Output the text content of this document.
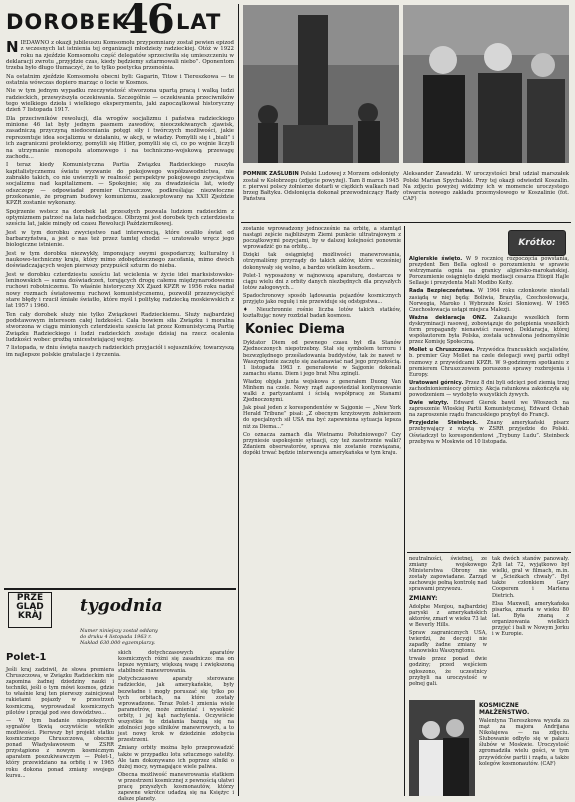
DOROBEK
46 LAT

NIEDAWNO z okazji jubileuszu Komsomołu przypomniany został pewien epizod z wczesnych lat istnienia tej organizacji młodzieży radzieckiej. Otóż w 1922 roku na zjeździe Komsomołu część delegatów sprzeciwiła się umieszczeniu w deklaracji zwrotu „przyjdzie czas, kiedy będziemy sztarmowali niebo”. Oponentom trzeba było długo tłumaczyć, że to tylko poetycka przenośnia.

Na ostatnim zjeździe Komsomołu obecni byli: Gagarin, Titow i Tiereszkowa — te ostatnia wówczas dopiero marząc o locie w Kosmos.

Nie w tym jednym wypadku rzeczywistość stworzona upartą pracą i walką ludzi radzieckich, przewyższyła oczekiwania. Szczególnie — oczekiwania przeciwników tego wielkiego dzieła i wielkiego eksperymentu, jaki zapoczątkował historyczny dzień 7 listopada 1917.

Dla przeciwników rewolucji, dla wrogów socjalizmu i państwa radzieckiego minione 46 lat były jednym pasmem zawodów, nieoczekiwanych zjawisk, zasadniczą przyczyną niedoceniania potęgi siły i twórczych możliwości, jakie reprezentuje idea socjalizmu w działaniu, w akcji, w władzy. Pomylili się i „biali” i ich zagraniczni protektorzy, pomylili się Hitler, pomylili się ci, co po wojnie liczyli na utrzymanie monopolu atomowego i na techniczno-wojskową przewagę zachodu...

I teraz kiedy Komunistyczna Partia Związku Radzieckiego ruszyła kapitalistycznemu światu wyzwanie do pokojowego współzawodnictwa, nie zabrakło takich, co nie uwierzyli w realność perspektyw pokojowego zwycięstwa socjalizmu nad kapitalizmem. — Spokojnie; się za dwadzieścia lat, wiedy odszczepy — odpowiadał premier Chruszczow, podkreślając niezwłoczne przekonanie, że program budowy komunizmu, zaakceptowany na XXII Zjeździe KPZR zostanie wykonany.

Spojrzenie wstecz na dorobek lat przeszłych pozwala ludziom radzieckim z optymizmem patrzeć na lata nadchodzące. Olbrzymi jest dorobek tych czterdziestu sześciu lat, jakie minęły od czasu Rewolucji Październikowej.

Jest w tym dorobku zwycięstwo nad interwencją, które ocaliło świat od barbarzyństwa, a jest o nas też przez tamtej chodzi — uratowało wręcz jego biologiczne istnienie.

Jest w tym dorobku niezwykły, imponujący swymi gospodarczy, kulturalny i naukowo-techniczny kraju, który mimo zdobędziecznego zacofania, mimo dwóch doświadczających wojen pierwszy przypuścił szturm do nieba.

Jest w dorobku czterdziestu sześciu lat wcielenia w życie idei marksistowsko-leninowskich — suma doświadczeń, torujących drogę całemu międzynarodowemu ruchowi robotniczemu. To właśnie historyczny XX Zjazd KPZR w 1956 roku nadał nowy rozmach światowemu ruchowi komunistycznemu, pozwolił przezwyciężyć stare błędy i rzucił śmiałe światło, które myśl i politykę radziecką moskiewskich z lat 1957 i 1960.

Ten cały dorobek służy nie tylko Związkowi Radzieckiemu. Służy najbardziej podstawowym interesom całej ludzkości. Cała bowiem siła Związku i moralna stworzona w ciągu minionych czterdziestu sześciu lat przez Komunistyczną Partię Związku Radzieckiego i ludzi radzieckich zostaje dzisiaj na rzecz ocalenia ludzkości wobec groźbą unicestwiającej wojny.

7 listopada, w dniu święta naszych radzieckich przyjaciół i sojuszników, towarzyszą im najlepsze polskie gratulacje i życzenia.

PRZE
GLĄD
KRAJ	tygodnia
Numer niniejszy został oddany
do druku 4 listopada 1963 r.
Nakład 630.000 egzemplarzy.
Polet-1

Jeśli kraj zadziwił, że słowa premiera Chruszczowa, w Związku Radzieckim nie zapomina żadnej dziedziny nauki i techniki, jeśli o tym mówi kosmos, gdzie to właśnie kraj ten pierwszy zainicjował rakietami pojazdy w przestrzeń kosmiczną, wyprowadzał kosmicznych pilotów i przejął pod swe dowództwo...

— W tym badanie niespokojnych sygnałów tkwią oczywiście wielkie możliwości. Pierwszy był projekt statku kosmicznego Chruszczowa, obecnie ponad Władysławowem w ZSRR przystąpiono z nowym kosmicznym aparatem poszukiwawczym — Polet-1, który przewidziano na orbitę i w 1965 roku dokona ponad zmiany swojego kursu...

skich dotychczasowych aparatów kosmicznych różni się zasadniczo: ma on lepsze wymiary, większą wagę i zwiększoną stabilność manewrowania.

Dotychczasowe aparaty sterowane radzieckie, jak amerykańskie, były bezwładne i mogły poruszać się tylko po tych orbitach, na które zostały wprowadzone. Teraz Polet-1 zmienia wiele parametrów, może zmieniać i wysokość orbity, i jej kąt nachylenia. Oczywiście wszystkie te działania bazują się na zdolności jego silników manewrowych, a to jest nowy krok w dziedzinie zdobycia przestrzeni.

Zmiany orbity można było przeprowadzić także w przypadku lotu sztucznego satelity. Ale tam dokonywano ich poprzez silniki o dużej mocy, wymagające wiele paliwa.

Obecna możliwość manewrowania statkiem w przestrzeni kosmicznej z pewnością ułatwi pracę przyszłych kosmonautów, którzy zapewne wkrótce udadzą się na Księżyc i dalsze planety.

POMNIK ZAŚLUBIN Polski Ludowej z Morzem odsłonięty został w Kołobrzegu (zdjęcie powyżej). Tam 8 marca 1945 r. pierwsi polscy żołnierze dotarli w ciężkich walkach nad brzeg Bałtyku. Odsłonięcia dokonał przewodniczący Rady Państwa

Aleksander Zawadzki. W uroczystości brał udział marszałek Polski Marian Spychalski. Przy tej okazji odwiedził Koszalin. Na zdjęciu powyżej widzimy ich w momencie uroczystego otwarcia nowego zakładu przemysłowego w Koszalinie (fot. CAF)

zostanie wprowadzony jednocześnie na orbitę, a stamtąd nastąpi zejście najbliższym Ziemi punkcie ultratrajowym z początkowymi pozycjami, by w dalszej kolejności ponownie wprowadzić go na orbitę...

Dzięki tak osiągniętej możliwości manewrowania, otrzymaliśmy przyrządy do takich aktów, które wcześniej dokonywały się wolno, a bardzo wielkim kosztem...

Polet-1 wyposażony w najnowszą aparaturę, dostarcza w ciągu wielu dni z orbity danych niezbędnych dla przyszłych lotów załogowych...

Spadochronowy sposób lądowania pojazdów kosmicznych przyjęto jako regułę i nie przewiduje się odstępstwa...

♦ Nieuchronnie rośnie liczba lotów takich statków, kształtując nowy rozdział badań kosmosu.

Koniec Diema

Dyktator Diem od pewnego czasu był dla Stanów Zjednoczonych niepotrzebny. Stał się symbolem terroru i bezwzględnego prześladowania buddystów, tak że nawet w Waszyngtonie zaczęto się zastanawiać nad jego przyszłością. 1 listopada 1963 r. generałowie w Sajgonie dokonali zamachu stanu. Diem i jego brat Nhu zginęli.

Władzę objęła junta wojskowa z generałem Duong Van Minhem na czele. Nowy rząd zapowiedział kontynuowanie walki z partyzantami i ścisłą współpracę ze Stanami Zjednoczonymi.

Jak pisał jeden z korespondentów w Sajgonie — „New York Herald Tribune” pisał: „Z obecnym krzyżowym żołnierzem do specjalnych sił USA ma być zapewniona sytuacja lepsza niż za Diema...”

Co oznacza zamach dla Wietnamu Południowego? Czy przyniesie uspokojenie sytuacji, czy też zaostrzenie walki? Zdaniem obserwatorów, sprawa nie zostanie rozwiązana, dopóki trwać będzie interwencja amerykańska w tym kraju.

Krótko:

Algierskie święto. W 9 rocznicę rozpoczęcia powstania, prezydent Ben Bella ogłosił o porozumieniu w sprawie wstrzymania ognia na granicy algiersko-marokańskiej. Porozumienie osiągnięto dzięki mediacji cesarza Etiopii Hajle Sellasje i prezydenta Mali Modibo Keity.

Rada Bezpieczeństwa. W 1964 roku członkowie niestali zasiądą w niej będą: Boliwia, Brazylia, Czechosłowacja, Norwegia, Maroko i Wybrzeże Kości Słoniowej. W 1965 Czechosłowacja ustąpi miejsca Malezji.

Ważna deklaracja ONZ. Zakazuje wszelkich form dyskryminacji rasowej, zobowiązuje do potępienia wszelkich form propagandy nienawiści rasowej. Deklaracja, której współautorem była Polska, została uchwalona jednomyślnie przez Komisję Społeczną.

Mollet u Chruszczowa. Przywódca francuskich socjalistów, b. premier Guy Mollet na czele delegacji swej partii odbył rozmowy z przywódcami KPZR. W 9-godzinnym spotkaniu z premierem Chruszczowem poruszono sprawy rozbrojenia i Europy.

Uratowani górnicy. Przez 8 dni byli odcięci pod ziemią trzej zachodnioniemieccy górnicy. Akcja ratunkowa zakończyła się powodzeniem — wydobyto wszystkich żywych.

Dwie wizyty. Edward Gierek bawił we Włoszech na zaproszenie Włoskiej Partii Komunistycznej, Edward Ochab na zaproszenie rządu francuskiego przybył do Francji.

Przyjedzie Steinbeck. Znany amerykański pisarz przebywający z wizytą w ZSRR przyjedzie do Polski. Oświadczył to korespondentowi „Trybuny Ludu”. Steinbeck przebywa w Moskwie od 10 listopada.

neutralności, świetnej, ze zmiany wojskowego Ministerstwa Obrony nie zostały zapowiadane. Zarząd zachowuje pełną kontrolę nad sprawami przywozu.

ZMIANY:

Adolphe Menjou, najbardziej paryski z amerykańskich aktorów, zmarł w wieku 73 lat w Beverly Hills.

Spraw zagranicznych USA, twierdzi, że decyzji nie zapadły żadne zmiany w stanowisku Waszyngtonu.

trwało przez ponad dwie godziny; przed wejściem ogłoszono, że uczestnicy przybyli na uroczystość w pełnej gali.

tak dwóch stanów panowały. Żyli lat 72, wyjątkowo był wielki, grał w filmach, m.in. w „Ścieżkach chwały”. Był także członkiem Gary Cooperem i Marlena Dietrich.

Elsa Maxwell, amerykańska pisarka, zmarła w wieku 80 lat. Była znaną z organizowania wielkich przyjęć i bali w Nowym Jorku i w Europie.

KOSMICZNE MAŁŻEŃSTWO.

Walentyna Tiereszkowa wyszła za mąż za majora Andrijana Nikołajewa — na zdjęciu. Ślubowanie odbyło się w pałacu ślubów w Moskwie. Uroczystość zgromadziła wielu gości, w tym przywódców partii i rządu, a także kolegów kosmonautów. (CAF)
